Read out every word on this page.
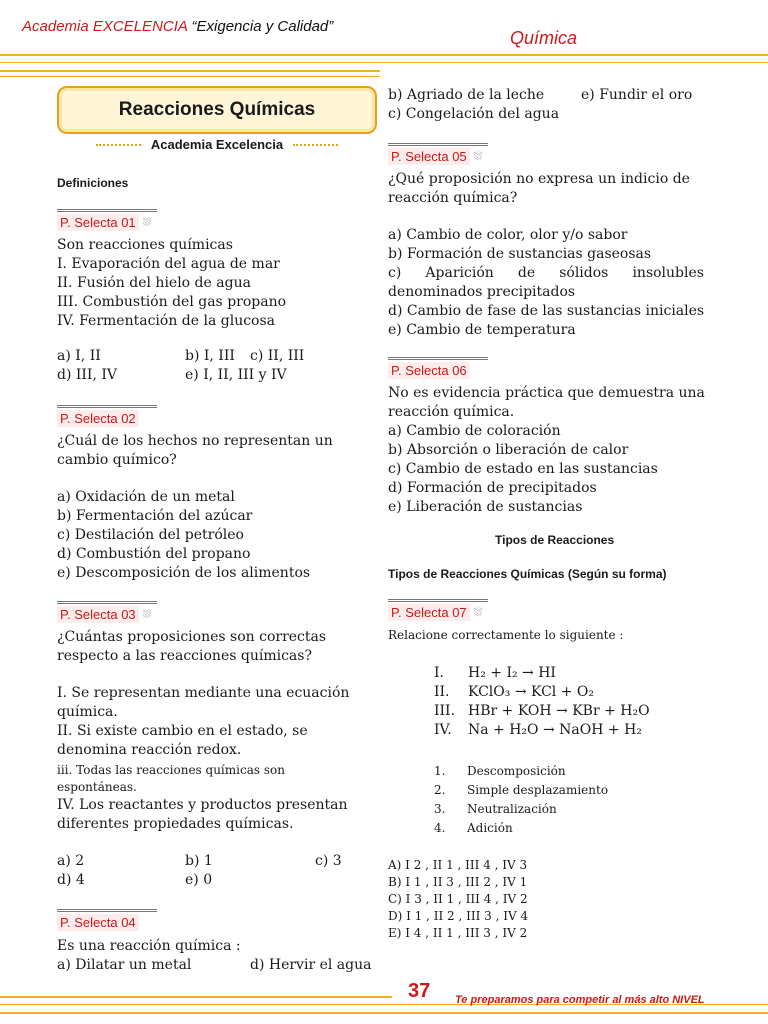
Academia EXCELENCIA “Exigencia y Calidad”
Química
Reacciones Químicas
Academia Excelencia
Definiciones
P. Selecta 01 ⛆
Son reacciones químicas
I. Evaporación del agua de mar
II. Fusión del hielo de agua
III. Combustión del gas propano
IV. Fermentación de la glucosa
a) I, II	b) I, III c) II, III
d) III, IV	e) I, II, III y IV
P. Selecta 02
¿Cuál de los hechos no representan un
cambio químico?
a) Oxidación de un metal
b) Fermentación del azúcar
c) Destilación del petróleo
d) Combustión del propano
e) Descomposición de los alimentos
P. Selecta 03 ⛆
¿Cuántas proposiciones son correctas
respecto a las reacciones químicas?
I. Se representan mediante una ecuación
química.
II. Si existe cambio en el estado, se
denomina reacción redox.
iii. Todas las reacciones químicas son
espontáneas.
IV. Los reactantes y productos presentan
diferentes propiedades químicas.
a) 2	b) 1	c) 3
d) 4	e) 0
P. Selecta 04
Es una reacción química :
a) Dilatar un metal	d) Hervir el agua
b) Agriado de la leche	e) Fundir el oro
c) Congelación del agua
P. Selecta 05 ⛆
¿Qué proposición no expresa un indicio de
reacción química?
a) Cambio de color, olor y/o sabor
b) Formación de sustancias gaseosas
c) Aparición de sólidos insolubles
denominados precipitados
d) Cambio de fase de las sustancias iniciales
e) Cambio de temperatura
P. Selecta 06
No es evidencia práctica que demuestra una
reacción química.
a) Cambio de coloración
b) Absorción o liberación de calor
c) Cambio de estado en las sustancias
d) Formación de precipitados
e) Liberación de sustancias
Tipos de Reacciones
Tipos de Reacciones Químicas (Según su forma)
P. Selecta 07 ⛆
Relacione correctamente lo siguiente :
I. H₂ + I₂ → HI
II. KClO₃ → KCl + O₂
III. HBr + KOH → KBr + H₂O
IV. Na + H₂O → NaOH + H₂
1. Descomposición
2. Simple desplazamiento
3. Neutralización
4. Adición
A) I 2 , II 1 , III 4 , IV 3
B) I 1 , II 3 , III 2 , IV 1
C) I 3 , II 1 , III 4 , IV 2
D) I 1 , II 2 , III 3 , IV 4
E) I 4 , II 1 , III 3 , IV 2
37 Te preparamos para competir al más alto NIVEL
